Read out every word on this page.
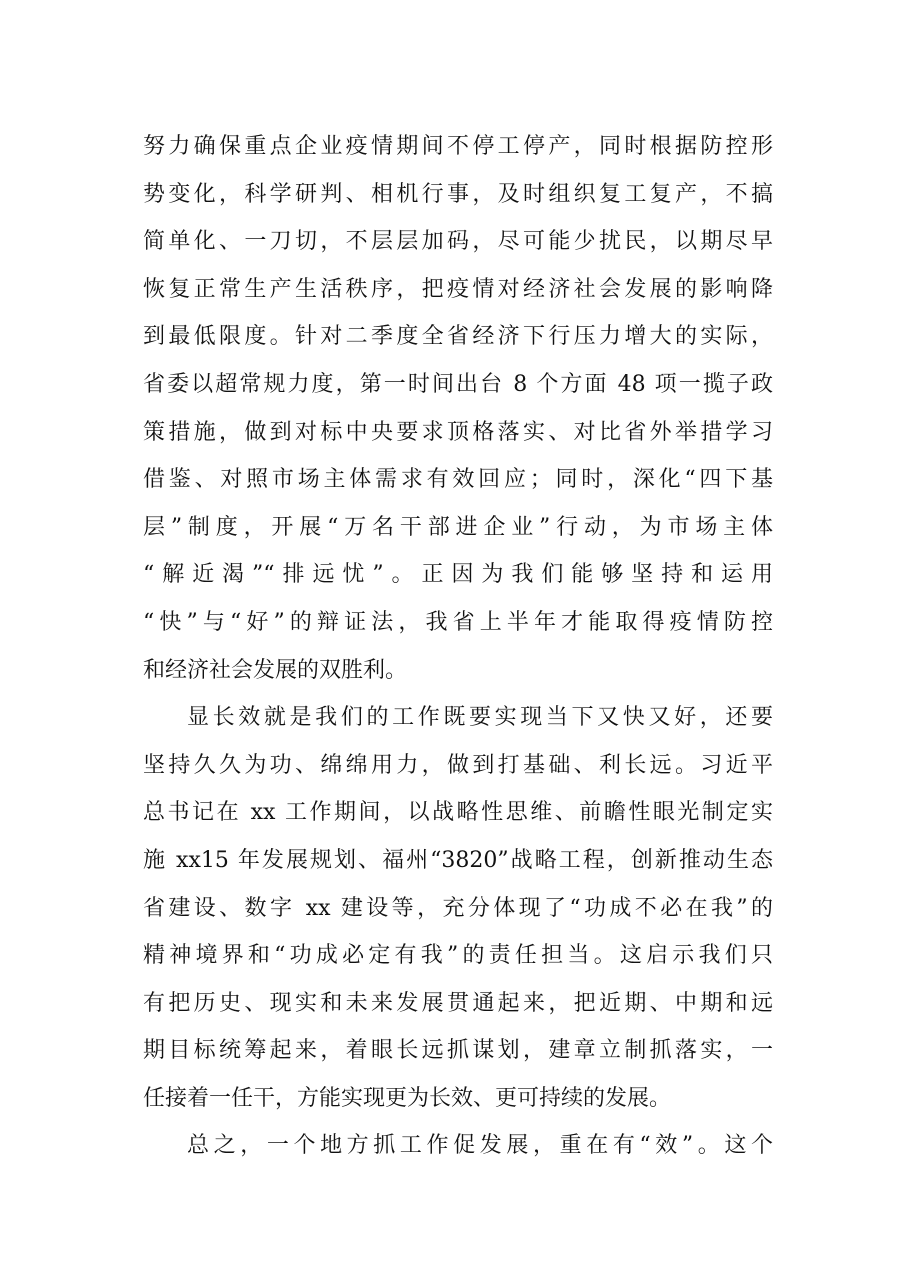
努力确保重点企业疫情期间不停工停产，同时根据防控形
势变化，科学研判、相机行事，及时组织复工复产，不搞
简单化、一刀切，不层层加码，尽可能少扰民，以期尽早
恢复正常生产生活秩序，把疫情对经济社会发展的影响降
到最低限度。针对二季度全省经济下行压力增大的实际，
省委以超常规力度，第一时间出台 8 个方面 48 项一揽子政
策措施，做到对标中央要求顶格落实、对比省外举措学习
借鉴、对照市场主体需求有效回应；同时，深化“四下基
层”制度，开展“万名干部进企业”行动，为市场主体
“解近渴”“排远忧”。正因为我们能够坚持和运用
“快”与“好”的辩证法，我省上半年才能取得疫情防控
和经济社会发展的双胜利。
显长效就是我们的工作既要实现当下又快又好，还要
坚持久久为功、绵绵用力，做到打基础、利长远。习近平
总书记在 xx 工作期间，以战略性思维、前瞻性眼光制定实
施 xx15 年发展规划、福州“3820”战略工程，创新推动生态
省建设、数字 xx 建设等，充分体现了“功成不必在我”的
精神境界和“功成必定有我”的责任担当。这启示我们只
有把历史、现实和未来发展贯通起来，把近期、中期和远
期目标统筹起来，着眼长远抓谋划，建章立制抓落实，一
任接着一任干，方能实现更为长效、更可持续的发展。
总之，一个地方抓工作促发展，重在有“效”。这个
